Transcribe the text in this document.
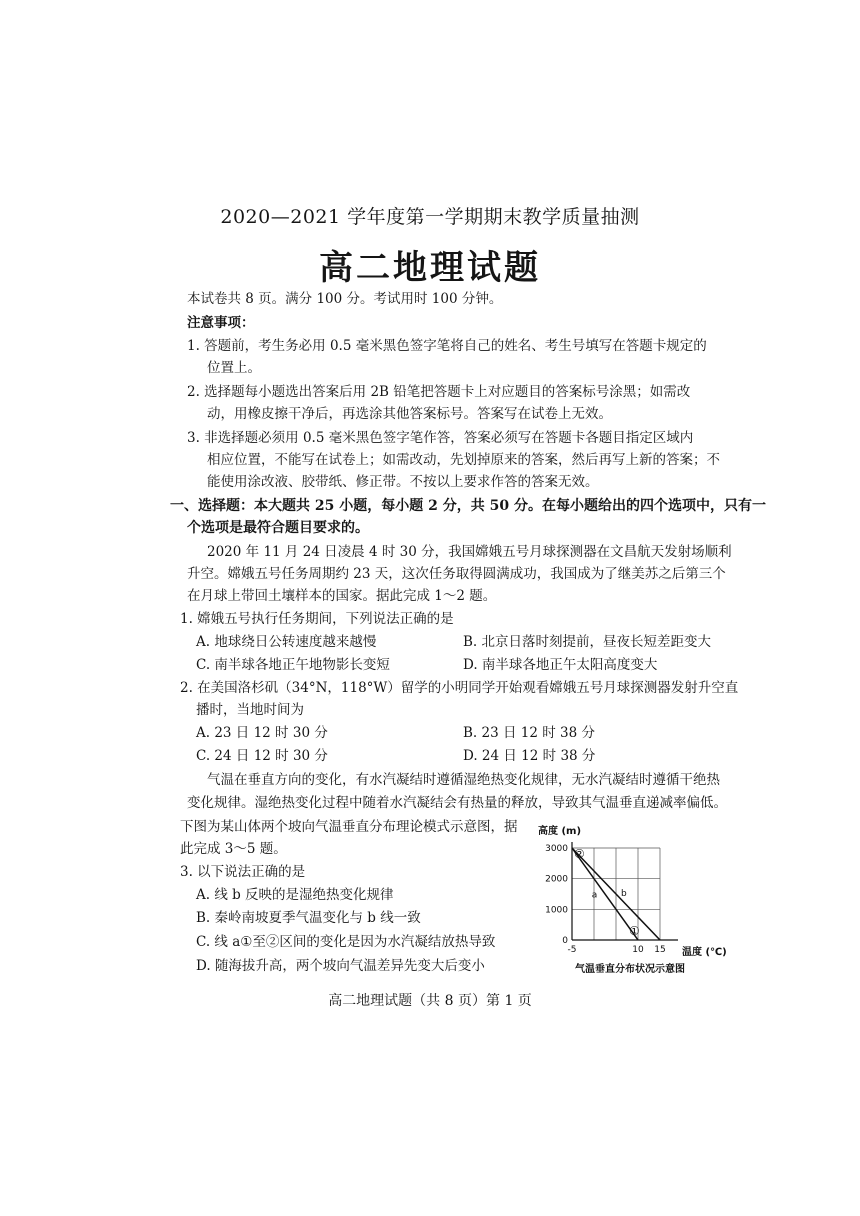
2020—2021 学年度第一学期期末教学质量抽测
高二地理试题
本试卷共 8 页。满分 100 分。考试用时 100 分钟。
注意事项：
1. 答题前，考生务必用 0.5 毫米黑色签字笔将自己的姓名、考生号填写在答题卡规定的
位置上。
2. 选择题每小题选出答案后用 2B 铅笔把答题卡上对应题目的答案标号涂黑；如需改
动，用橡皮擦干净后，再选涂其他答案标号。答案写在试卷上无效。
3. 非选择题必须用 0.5 毫米黑色签字笔作答，答案必须写在答题卡各题目指定区域内
相应位置，不能写在试卷上；如需改动，先划掉原来的答案，然后再写上新的答案；不
能使用涂改液、胶带纸、修正带。不按以上要求作答的答案无效。
一、选择题：本大题共 25 小题，每小题 2 分，共 50 分。在每小题给出的四个选项中，只有一
个选项是最符合题目要求的。
2020 年 11 月 24 日凌晨 4 时 30 分，我国嫦娥五号月球探测器在文昌航天发射场顺利
升空。嫦娥五号任务周期约 23 天，这次任务取得圆满成功，我国成为了继美苏之后第三个
在月球上带回土壤样本的国家。据此完成 1～2 题。
1. 嫦娥五号执行任务期间，下列说法正确的是
A. 地球绕日公转速度越来越慢	B. 北京日落时刻提前，昼夜长短差距变大
C. 南半球各地正午地物影长变短	D. 南半球各地正午太阳高度变大
2. 在美国洛杉矶（34°N，118°W）留学的小明同学开始观看嫦娥五号月球探测器发射升空直
播时，当地时间为
A. 23 日 12 时 30 分	B. 23 日 12 时 38 分
C. 24 日 12 时 30 分	D. 24 日 12 时 38 分
气温在垂直方向的变化，有水汽凝结时遵循湿绝热变化规律，无水汽凝结时遵循干绝热
变化规律。湿绝热变化过程中随着水汽凝结会有热量的释放，导致其气温垂直递减率偏低。
下图为某山体两个坡向气温垂直分布理论模式示意图，据
此完成 3～5 题。
3. 以下说法正确的是
A. 线 b 反映的是湿绝热变化规律
B. 秦岭南坡夏季气温变化与 b 线一致
C. 线 a①至②区间的变化是因为水汽凝结放热导致
D. 随海拔升高，两个坡向气温差异先变大后变小
高度 (m)
a	b
3000
2000
1000
0
-5	10 15
②
①
温度 (℃)
气温垂直分布状况示意图
高二地理试题（共 8 页）第 1 页
